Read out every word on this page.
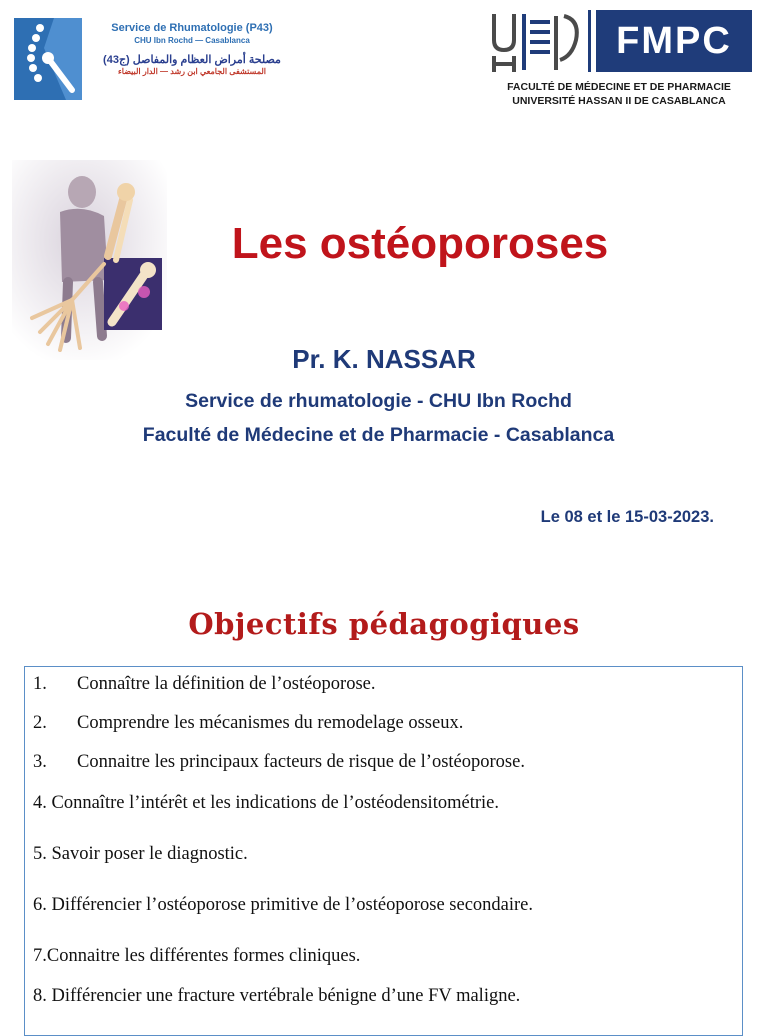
Service de Rhumatologie (P43)
CHU Ibn Rochd — Casablanca
مصلحة أمراض العظام والمفاصل (ج43)
المستشفى الجامعي ابن رشد — الدار البيضاء
FMPC
FACULTÉ DE MÉDECINE ET DE PHARMACIE
UNIVERSITÉ HASSAN II DE CASABLANCA
Les ostéoporoses
Pr. K. NASSAR
Service de rhumatologie - CHU Ibn Rochd
Faculté de Médecine et de Pharmacie - Casablanca
Le 08 et le 15-03-2023.
Objectifs pédagogiques
1. Connaître la définition de l’ostéoporose.
2. Comprendre les mécanismes du remodelage osseux.
3. Connaitre les principaux facteurs de risque de l’ostéoporose.
4. Connaître l’intérêt et les indications de l’ostéodensitométrie.
5. Savoir poser le diagnostic.
6. Différencier l’ostéoporose primitive de l’ostéoporose secondaire.
7.Connaitre les différentes formes cliniques.
8. Différencier une fracture vertébrale bénigne d’une FV maligne.
